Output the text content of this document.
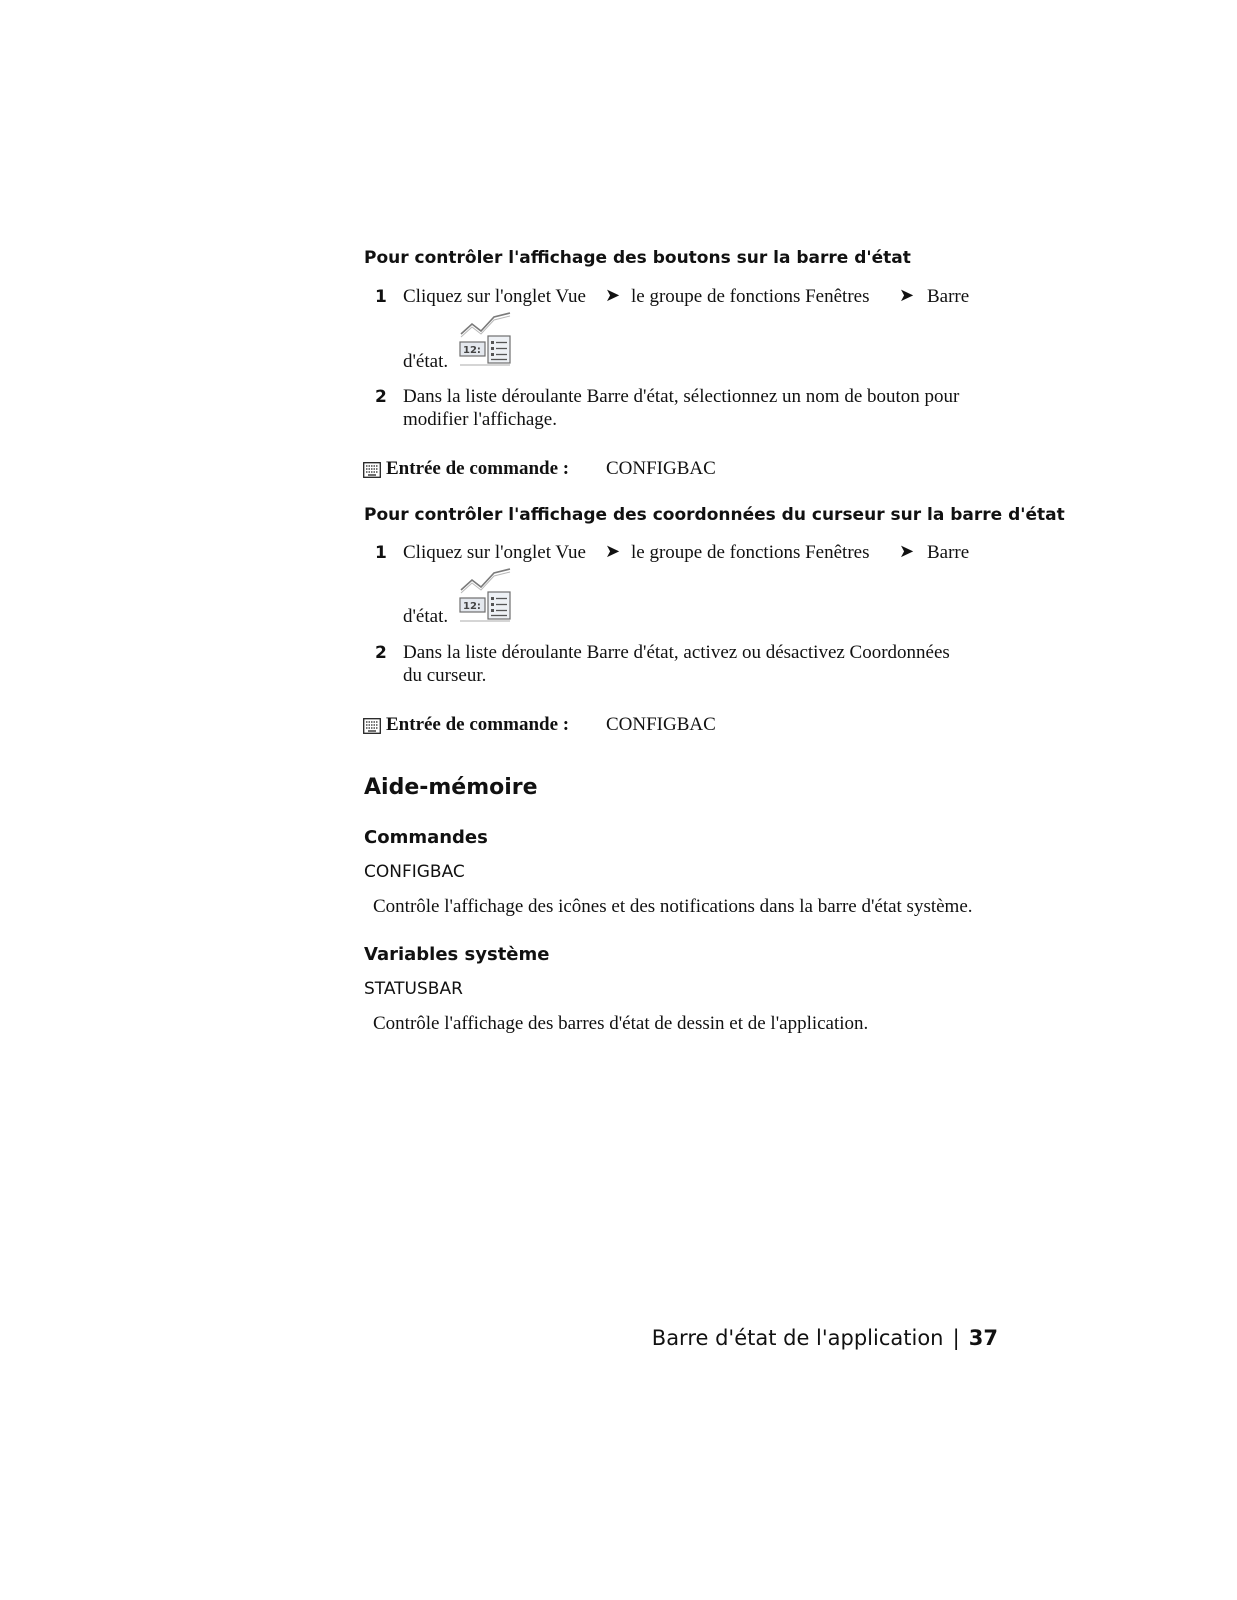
Pour contrôler l'affichage des boutons sur la barre d'état
1 Cliquez sur l'onglet Vue ➤ le groupe de fonctions Fenêtres ➤ Barre
d'état.
12:
2 Dans la liste déroulante Barre d'état, sélectionnez un nom de bouton pour
modifier l'affichage.
Entrée de commande : CONFIGBAC
Pour contrôler l'affichage des coordonnées du curseur sur la barre d'état
1 Cliquez sur l'onglet Vue ➤ le groupe de fonctions Fenêtres ➤ Barre
d'état. 12:
2 Dans la liste déroulante Barre d'état, activez ou désactivez Coordonnées
du curseur.
Entrée de commande : CONFIGBAC
Aide-mémoire
Commandes
CONFIGBAC
Contrôle l'affichage des icônes et des notifications dans la barre d'état système.
Variables système
STATUSBAR
Contrôle l'affichage des barres d'état de dessin et de l'application.
Barre d'état de l'application | 37
